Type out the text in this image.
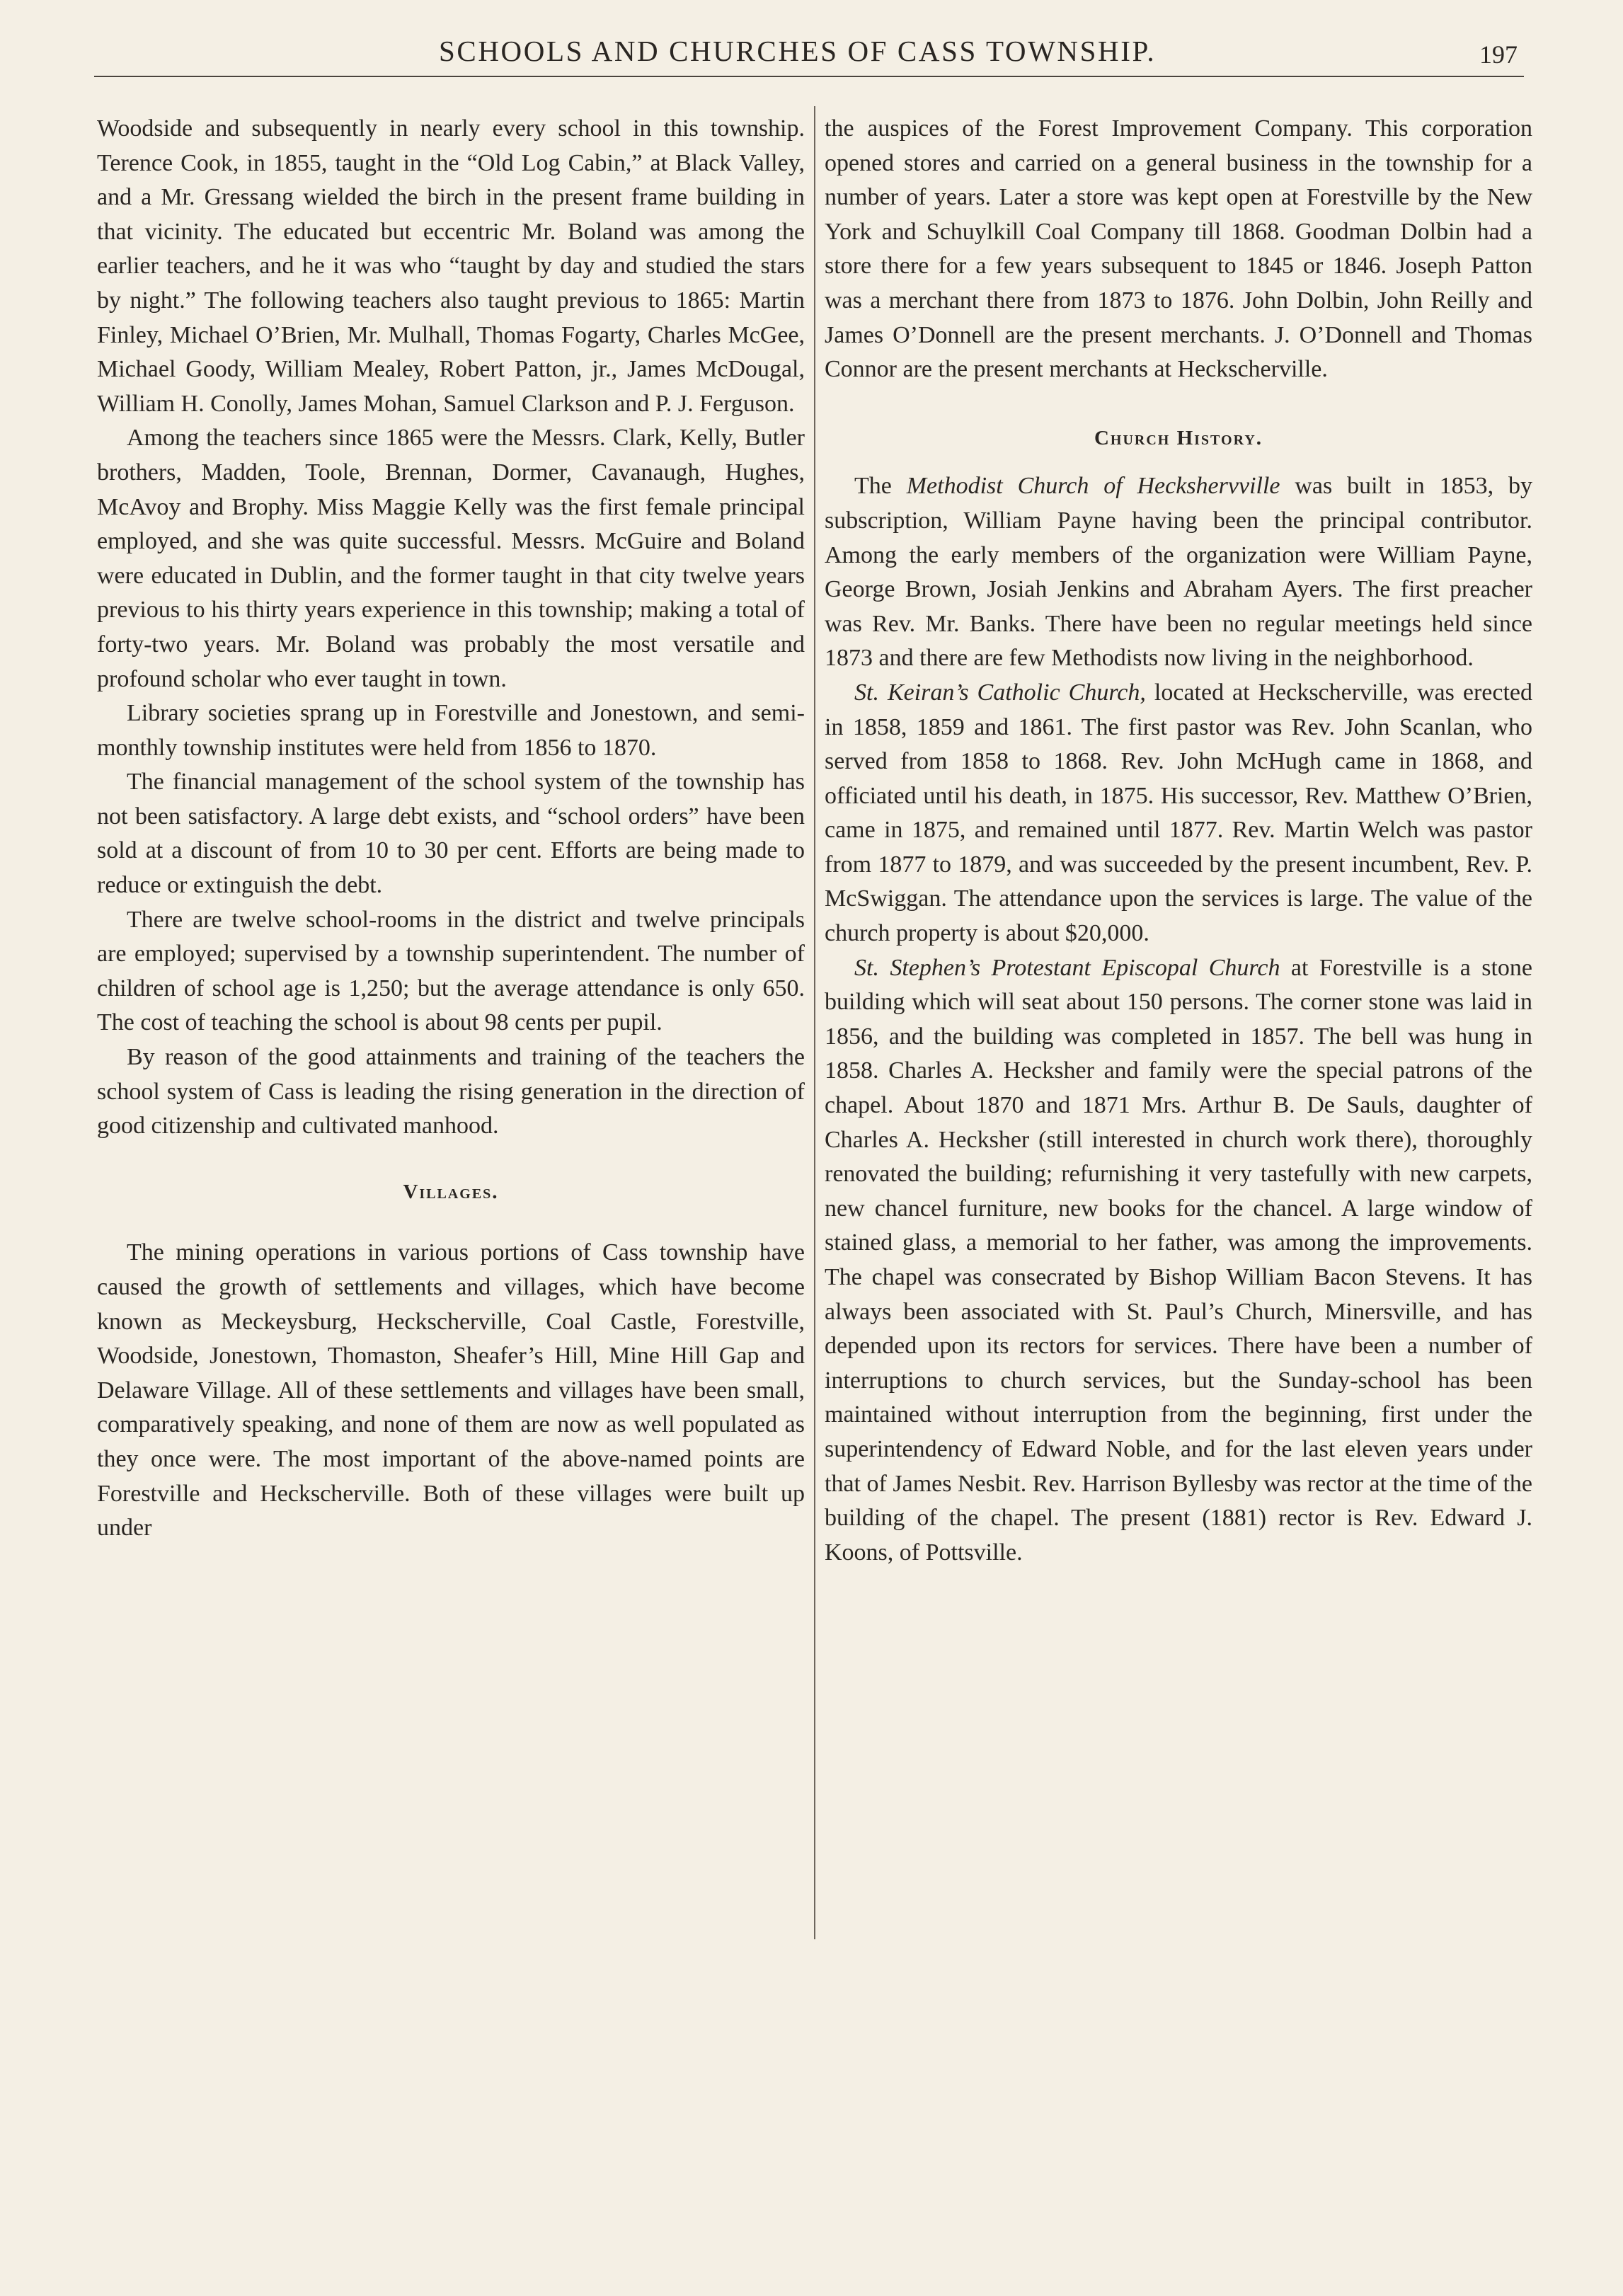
SCHOOLS AND CHURCHES OF CASS TOWNSHIP.	197

Woodside and subsequently in nearly every school in this township. Terence Cook, in 1855, taught in the “Old Log Cabin,” at Black Valley, and a Mr. Gressang wielded the birch in the present frame building in that vicinity. The educated but eccentric Mr. Boland was among the earlier teachers, and he it was who “taught by day and studied the stars by night.” The following teachers also taught previous to 1865: Martin Finley, Michael O’Brien, Mr. Mulhall, Thomas Fogarty, Charles McGee, Michael Goody, William Mealey, Robert Patton, jr., James McDougal, William H. Conolly, James Mohan, Samuel Clarkson and P. J. Ferguson.

Among the teachers since 1865 were the Messrs. Clark, Kelly, Butler brothers, Madden, Toole, Brennan, Dormer, Cavanaugh, Hughes, McAvoy and Brophy. Miss Maggie Kelly was the first female principal employed, and she was quite successful. Messrs. McGuire and Boland were educated in Dublin, and the former taught in that city twelve years previous to his thirty years experience in this township; making a total of forty-two years. Mr. Boland was probably the most versatile and profound scholar who ever taught in town.

Library societies sprang up in Forestville and Jonestown, and semi-monthly township institutes were held from 1856 to 1870.

The financial management of the school system of the township has not been satisfactory. A large debt exists, and “school orders” have been sold at a discount of from 10 to 30 per cent. Efforts are being made to reduce or extinguish the debt.

There are twelve school-rooms in the district and twelve principals are employed; supervised by a township superintendent. The number of children of school age is 1,250; but the average attendance is only 650. The cost of teaching the school is about 98 cents per pupil.

By reason of the good attainments and training of the teachers the school system of Cass is leading the rising generation in the direction of good citizenship and cultivated manhood.

Villages.

The mining operations in various portions of Cass township have caused the growth of settlements and villages, which have become known as Meckeysburg, Heckscherville, Coal Castle, Forestville, Woodside, Jonestown, Thomaston, Sheafer’s Hill, Mine Hill Gap and Delaware Village. All of these settlements and villages have been small, comparatively speaking, and none of them are now as well populated as they once were. The most important of the above-named points are Forestville and Heckscherville. Both of these villages were built up under

the auspices of the Forest Improvement Company. This corporation opened stores and carried on a general business in the township for a number of years. Later a store was kept open at Forestville by the New York and Schuylkill Coal Company till 1868. Goodman Dolbin had a store there for a few years subsequent to 1845 or 1846. Joseph Patton was a merchant there from 1873 to 1876. John Dolbin, John Reilly and James O’Donnell are the present merchants. J. O’Donnell and Thomas Connor are the present merchants at Heckscherville.

Church History.

The Methodist Church of Heckshervville was built in 1853, by subscription, William Payne having been the principal contributor. Among the early members of the organization were William Payne, George Brown, Josiah Jenkins and Abraham Ayers. The first preacher was Rev. Mr. Banks. There have been no regular meetings held since 1873 and there are few Methodists now living in the neighborhood.

St. Keiran’s Catholic Church, located at Heckscherville, was erected in 1858, 1859 and 1861. The first pastor was Rev. John Scanlan, who served from 1858 to 1868. Rev. John McHugh came in 1868, and officiated until his death, in 1875. His successor, Rev. Matthew O’Brien, came in 1875, and remained until 1877. Rev. Martin Welch was pastor from 1877 to 1879, and was succeeded by the present incumbent, Rev. P. McSwiggan. The attendance upon the services is large. The value of the church property is about $20,000.

St. Stephen’s Protestant Episcopal Church at Forestville is a stone building which will seat about 150 persons. The corner stone was laid in 1856, and the building was completed in 1857. The bell was hung in 1858. Charles A. Hecksher and family were the special patrons of the chapel. About 1870 and 1871 Mrs. Arthur B. De Sauls, daughter of Charles A. Hecksher (still interested in church work there), thoroughly renovated the building; refurnishing it very tastefully with new carpets, new chancel furniture, new books for the chancel. A large window of stained glass, a memorial to her father, was among the improvements. The chapel was consecrated by Bishop William Bacon Stevens. It has always been associated with St. Paul’s Church, Minersville, and has depended upon its rectors for services. There have been a number of interruptions to church services, but the Sunday-school has been maintained without interruption from the beginning, first under the superintendency of Edward Noble, and for the last eleven years under that of James Nesbit. Rev. Harrison Byllesby was rector at the time of the building of the chapel. The present (1881) rector is Rev. Edward J. Koons, of Pottsville.
